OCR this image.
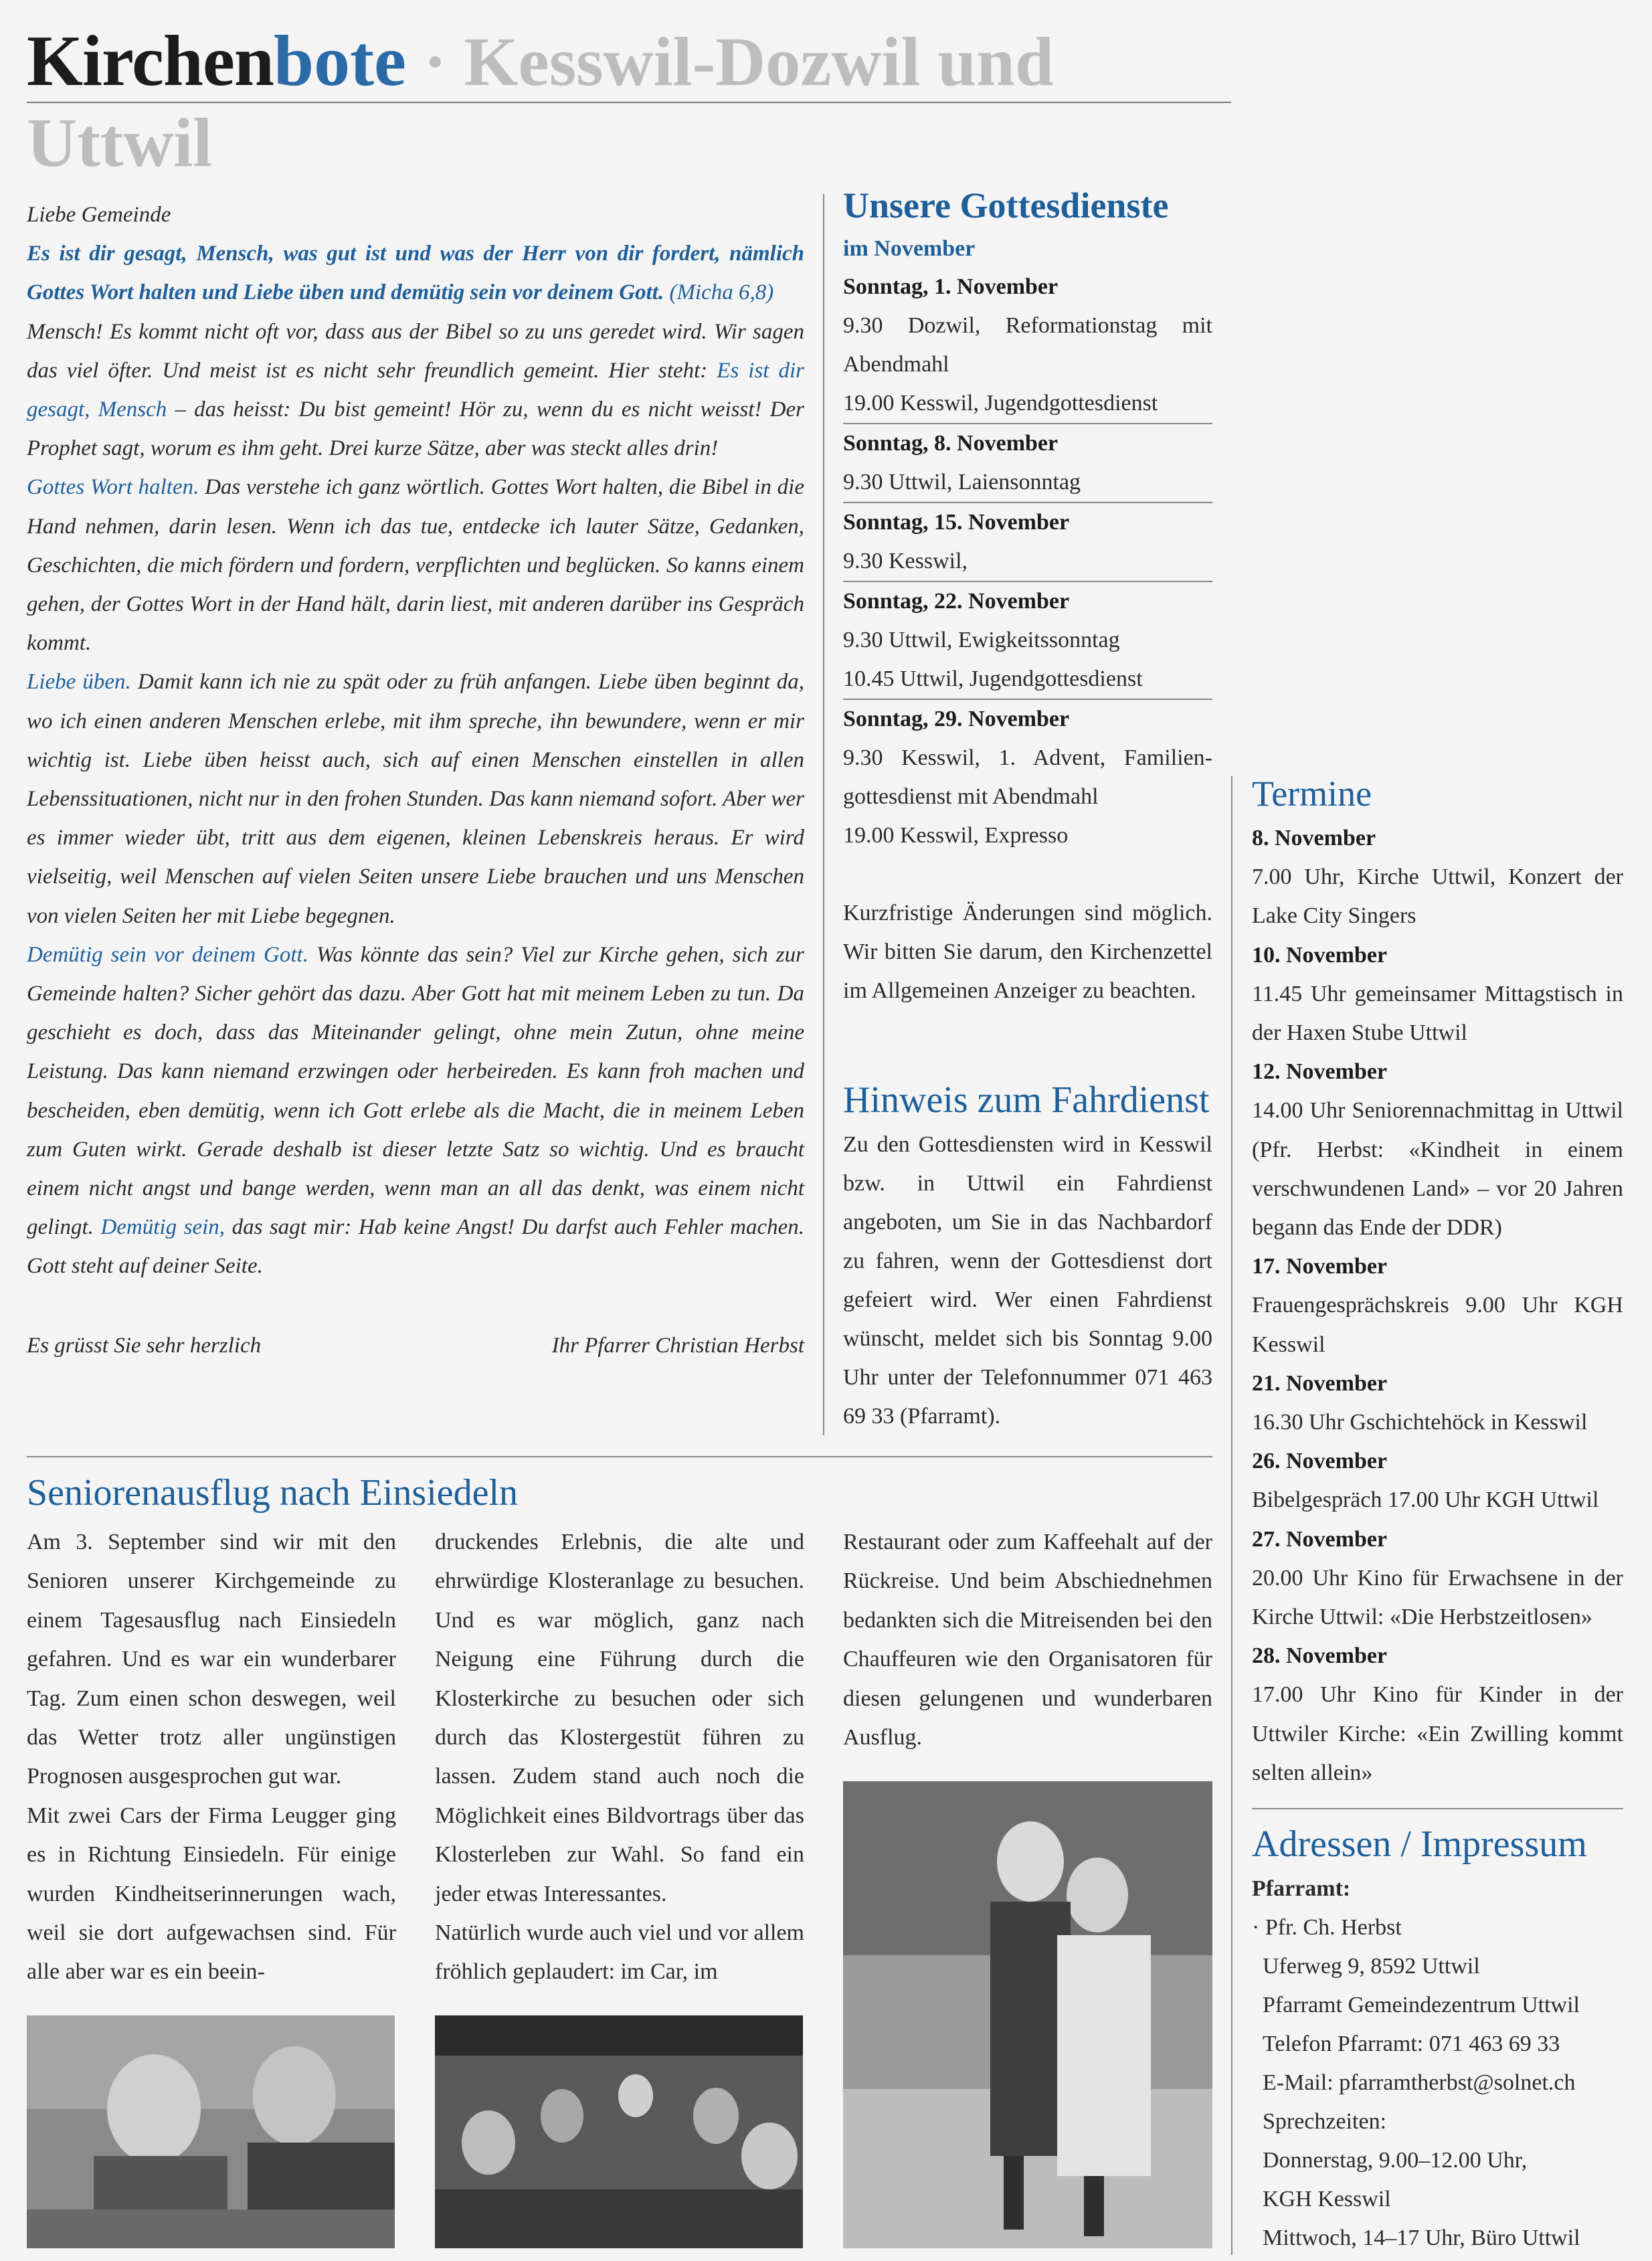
Kirchenbote · Kesswil-Dozwil und Uttwil

Liebe Gemeinde

Es ist dir gesagt, Mensch, was gut ist und was der Herr von dir fordert, nämlich Gottes Wort halten und Liebe üben und demütig sein vor deinem Gott. (Micha 6,8)

Mensch! Es kommt nicht oft vor, dass aus der Bibel so zu uns geredet wird. Wir sagen das viel öfter. Und meist ist es nicht sehr freundlich gemeint. Hier steht: Es ist dir gesagt, Mensch – das heisst: Du bist gemeint! Hör zu, wenn du es nicht weisst! Der Prophet sagt, worum es ihm geht. Drei kurze Sätze, aber was steckt alles drin!

Gottes Wort halten. Das verstehe ich ganz wörtlich. Gottes Wort halten, die Bibel in die Hand nehmen, darin lesen. Wenn ich das tue, entdecke ich lauter Sätze, Gedanken, Geschichten, die mich fördern und fordern, verpflichten und beglücken. So kanns einem gehen, der Gottes Wort in der Hand hält, darin liest, mit anderen darüber ins Gespräch kommt.

Liebe üben. Damit kann ich nie zu spät oder zu früh anfangen. Liebe üben beginnt da, wo ich einen anderen Menschen erlebe, mit ihm spreche, ihn bewundere, wenn er mir wichtig ist. Liebe üben heisst auch, sich auf einen Menschen einstellen in allen Lebenssituationen, nicht nur in den frohen Stunden. Das kann niemand sofort. Aber wer es immer wieder übt, tritt aus dem eigenen, kleinen Lebenskreis heraus. Er wird vielseitig, weil Menschen auf vielen Seiten unsere Liebe brauchen und uns Menschen von vielen Seiten her mit Liebe begegnen.

Demütig sein vor deinem Gott. Was könnte das sein? Viel zur Kirche gehen, sich zur Gemeinde halten? Sicher gehört das dazu. Aber Gott hat mit meinem Leben zu tun. Da geschieht es doch, dass das Miteinander gelingt, ohne mein Zutun, ohne meine Leistung. Das kann niemand erzwingen oder herbeireden. Es kann froh machen und bescheiden, eben demütig, wenn ich Gott erlebe als die Macht, die in meinem Leben zum Guten wirkt. Gerade deshalb ist dieser letzte Satz so wichtig. Und es braucht einem nicht angst und bange werden, wenn man an all das denkt, was einem nicht gelingt. Demütig sein, das sagt mir: Hab keine Angst! Du darfst auch Fehler machen. Gott steht auf deiner Seite.

Es grüsst Sie sehr herzlich	Ihr Pfarrer Christian Herbst
Unsere Gottesdienste
im November
Sonntag, 1. November
9.30 Dozwil, Reformationstag mit Abendmahl
19.00 Kesswil, Jugendgottesdienst
Sonntag, 8. November
9.30 Uttwil, Laiensonntag
Sonntag, 15. November
9.30 Kesswil,
Sonntag, 22. November
9.30 Uttwil, Ewigkeitssonntag
10.45 Uttwil, Jugendgottesdienst
Sonntag, 29. November
9.30 Kesswil, 1. Advent, Familien-gottesdienst mit Abendmahl
19.00 Kesswil, Expresso
Kurzfristige Änderungen sind möglich. Wir bitten Sie darum, den Kirchenzettel im Allgemeinen Anzeiger zu beachten.
Hinweis zum Fahrdienst
Zu den Gottesdiensten wird in Kesswil bzw. in Uttwil ein Fahrdienst angeboten, um Sie in das Nachbardorf zu fahren, wenn der Gottesdienst dort gefeiert wird. Wer einen Fahrdienst wünscht, meldet sich bis Sonntag 9.00 Uhr unter der Telefonnummer 071 463 69 33 (Pfarramt).
Termine
8. November
7.00 Uhr, Kirche Uttwil, Konzert der Lake City Singers
10. November
11.45 Uhr gemeinsamer Mittagstisch in der Haxen Stube Uttwil
12. November
14.00 Uhr Seniorennachmittag in Uttwil (Pfr. Herbst: «Kindheit in einem verschwundenen Land» – vor 20 Jahren begann das Ende der DDR)
17. November
Frauengesprächskreis 9.00 Uhr KGH Kesswil
21. November
16.30 Uhr Gschichtehöck in Kesswil
26. November
Bibelgespräch 17.00 Uhr KGH Uttwil
27. November
20.00 Uhr Kino für Erwachsene in der Kirche Uttwil: «Die Herbstzeitlosen»
28. November
17.00 Uhr Kino für Kinder in der Uttwiler Kirche: «Ein Zwilling kommt selten allein»
Adressen / Impressum
Pfarramt:
· Pfr. Ch. Herbst
Uferweg 9, 8592 Uttwil
Pfarramt Gemeindezentrum Uttwil
Telefon Pfarramt: 071 463 69 33
E-Mail: pfarramtherbst@solnet.ch
Sprechzeiten:
Donnerstag, 9.00–12.00 Uhr,
KGH Kesswil
Mittwoch, 14–17 Uhr, Büro Uttwil
Seniorenausflug nach Einsiedeln

Am 3. September sind wir mit den Senioren unserer Kirchgemeinde zu einem Tagesausflug nach Einsiedeln gefahren. Und es war ein wunderbarer Tag. Zum einen schon deswegen, weil das Wetter trotz aller ungünstigen Prognosen ausgesprochen gut war.

Mit zwei Cars der Firma Leugger ging es in Richtung Einsiedeln. Für einige wurden Kindheitserinnerungen wach, weil sie dort aufgewachsen sind. Für alle aber war es ein beein-

druckendes Erlebnis, die alte und ehrwürdige Klosteranlage zu besuchen. Und es war möglich, ganz nach Neigung eine Führung durch die Klosterkirche zu besuchen oder sich durch das Klostergestüt führen zu lassen. Zudem stand auch noch die Möglichkeit eines Bildvortrags über das Klosterleben zur Wahl. So fand ein jeder etwas Interessantes.

Natürlich wurde auch viel und vor allem fröhlich geplaudert: im Car, im

Restaurant oder zum Kaffeehalt auf der Rückreise. Und beim Abschiednehmen bedankten sich die Mitreisenden bei den Chauffeuren wie den Organisatoren für diesen gelungenen und wunderbaren Ausflug.
